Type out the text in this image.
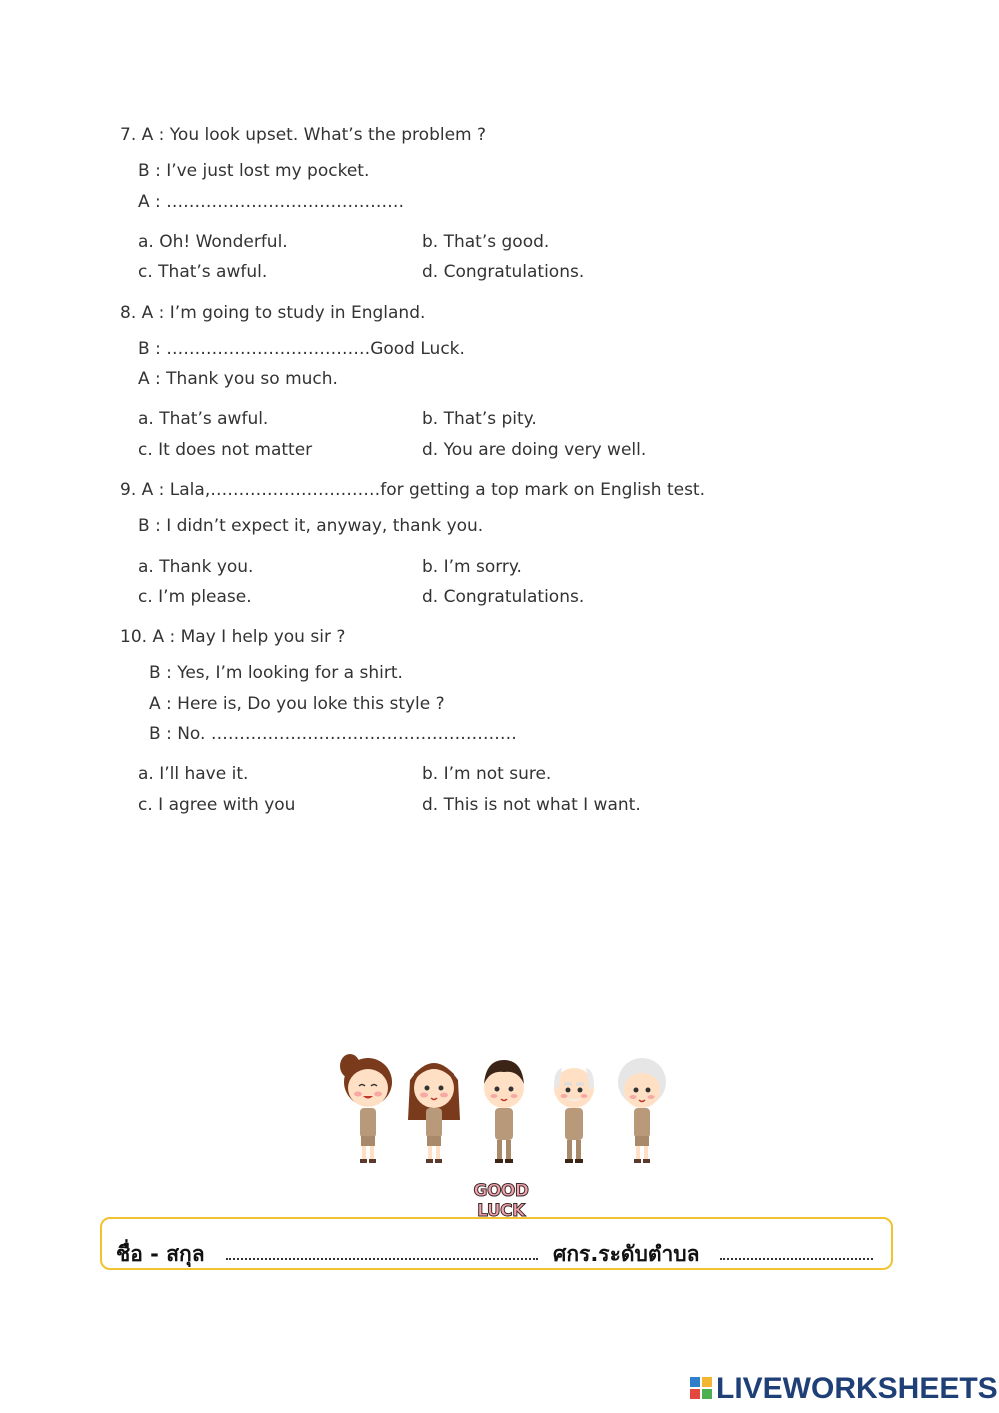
7. A : You look upset. What’s the problem ?
B : I’ve just lost my pocket.
A : ……………………………………
a. Oh! Wonderful.	b. That’s good.
c. That’s awful.	d. Congratulations.
8. A : I’m going to study in England.
B : ………………………………Good Luck.
A : Thank you so much.
a. That’s awful.	b. That’s pity.
c. It does not matter	d. You are doing very well.
9. A : Lala,…………………………for getting a top mark on English test.
B : I didn’t expect it, anyway, thank you.
a. Thank you.	b. I’m sorry.
c. I’m please.	d. Congratulations.
10. A : May I help you sir ?
B : Yes, I’m looking for a shirt.
A : Here is, Do you loke this style ?
B : No. ………………………………………………
a. I’ll have it.	b. I’m not sure.
c. I agree with you	d. This is not what I want.
GOOD LUCK
ชื่อ - สกุล	ศกร.ระดับตำบล
LIVEWORKSHEETS
